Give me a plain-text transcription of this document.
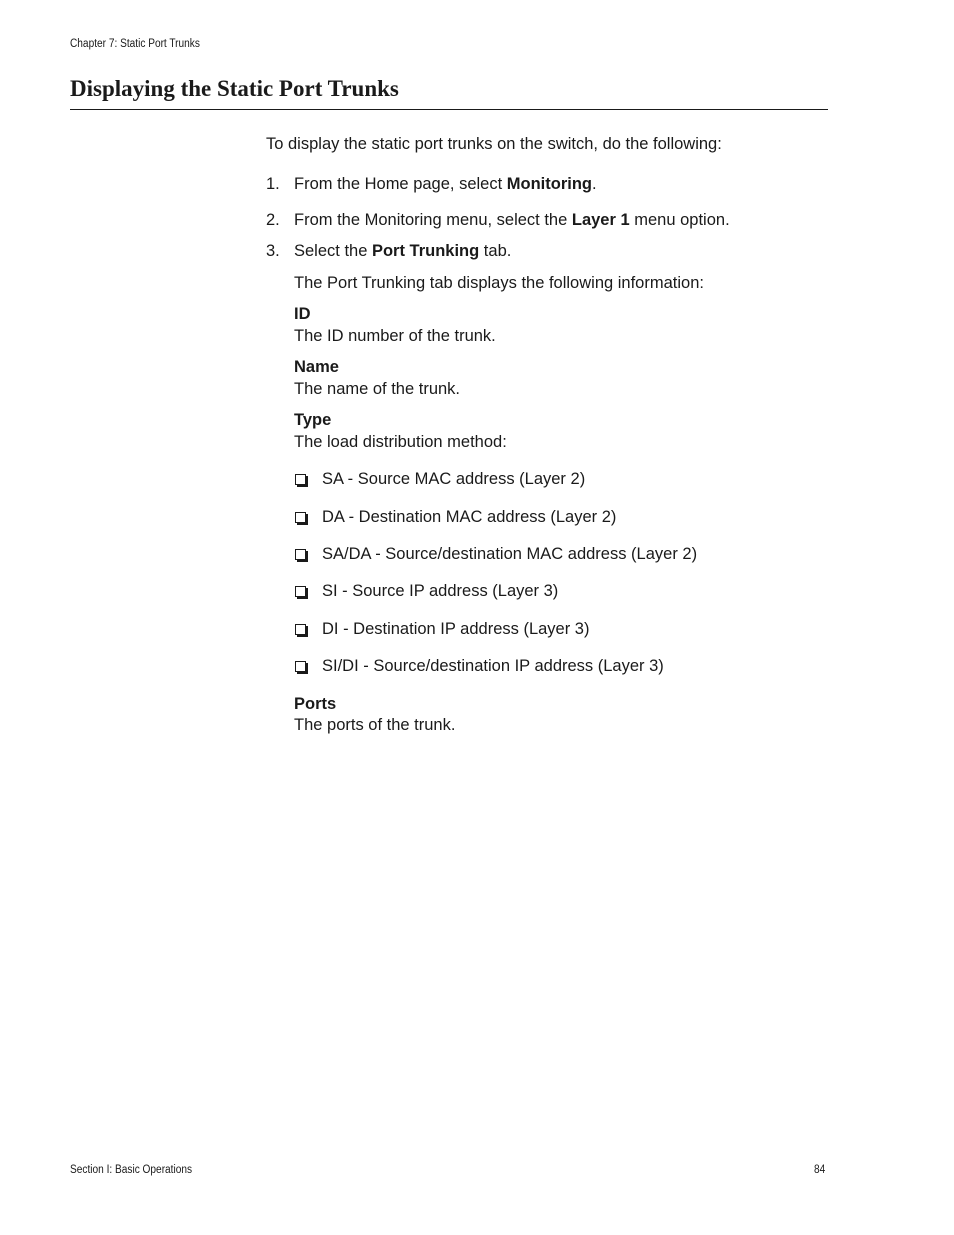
Chapter 7: Static Port Trunks
Displaying the Static Port Trunks
To display the static port trunks on the switch, do the following:
1. From the Home page, select Monitoring.
2. From the Monitoring menu, select the Layer 1 menu option.
3. Select the Port Trunking tab.
The Port Trunking tab displays the following information:
ID
The ID number of the trunk.
Name
The name of the trunk.
Type
The load distribution method:
SA - Source MAC address (Layer 2)
DA - Destination MAC address (Layer 2)
SA/DA - Source/destination MAC address (Layer 2)
SI - Source IP address (Layer 3)
DI - Destination IP address (Layer 3)
SI/DI - Source/destination IP address (Layer 3)
Ports
The ports of the trunk.
Section I: Basic Operations	84
